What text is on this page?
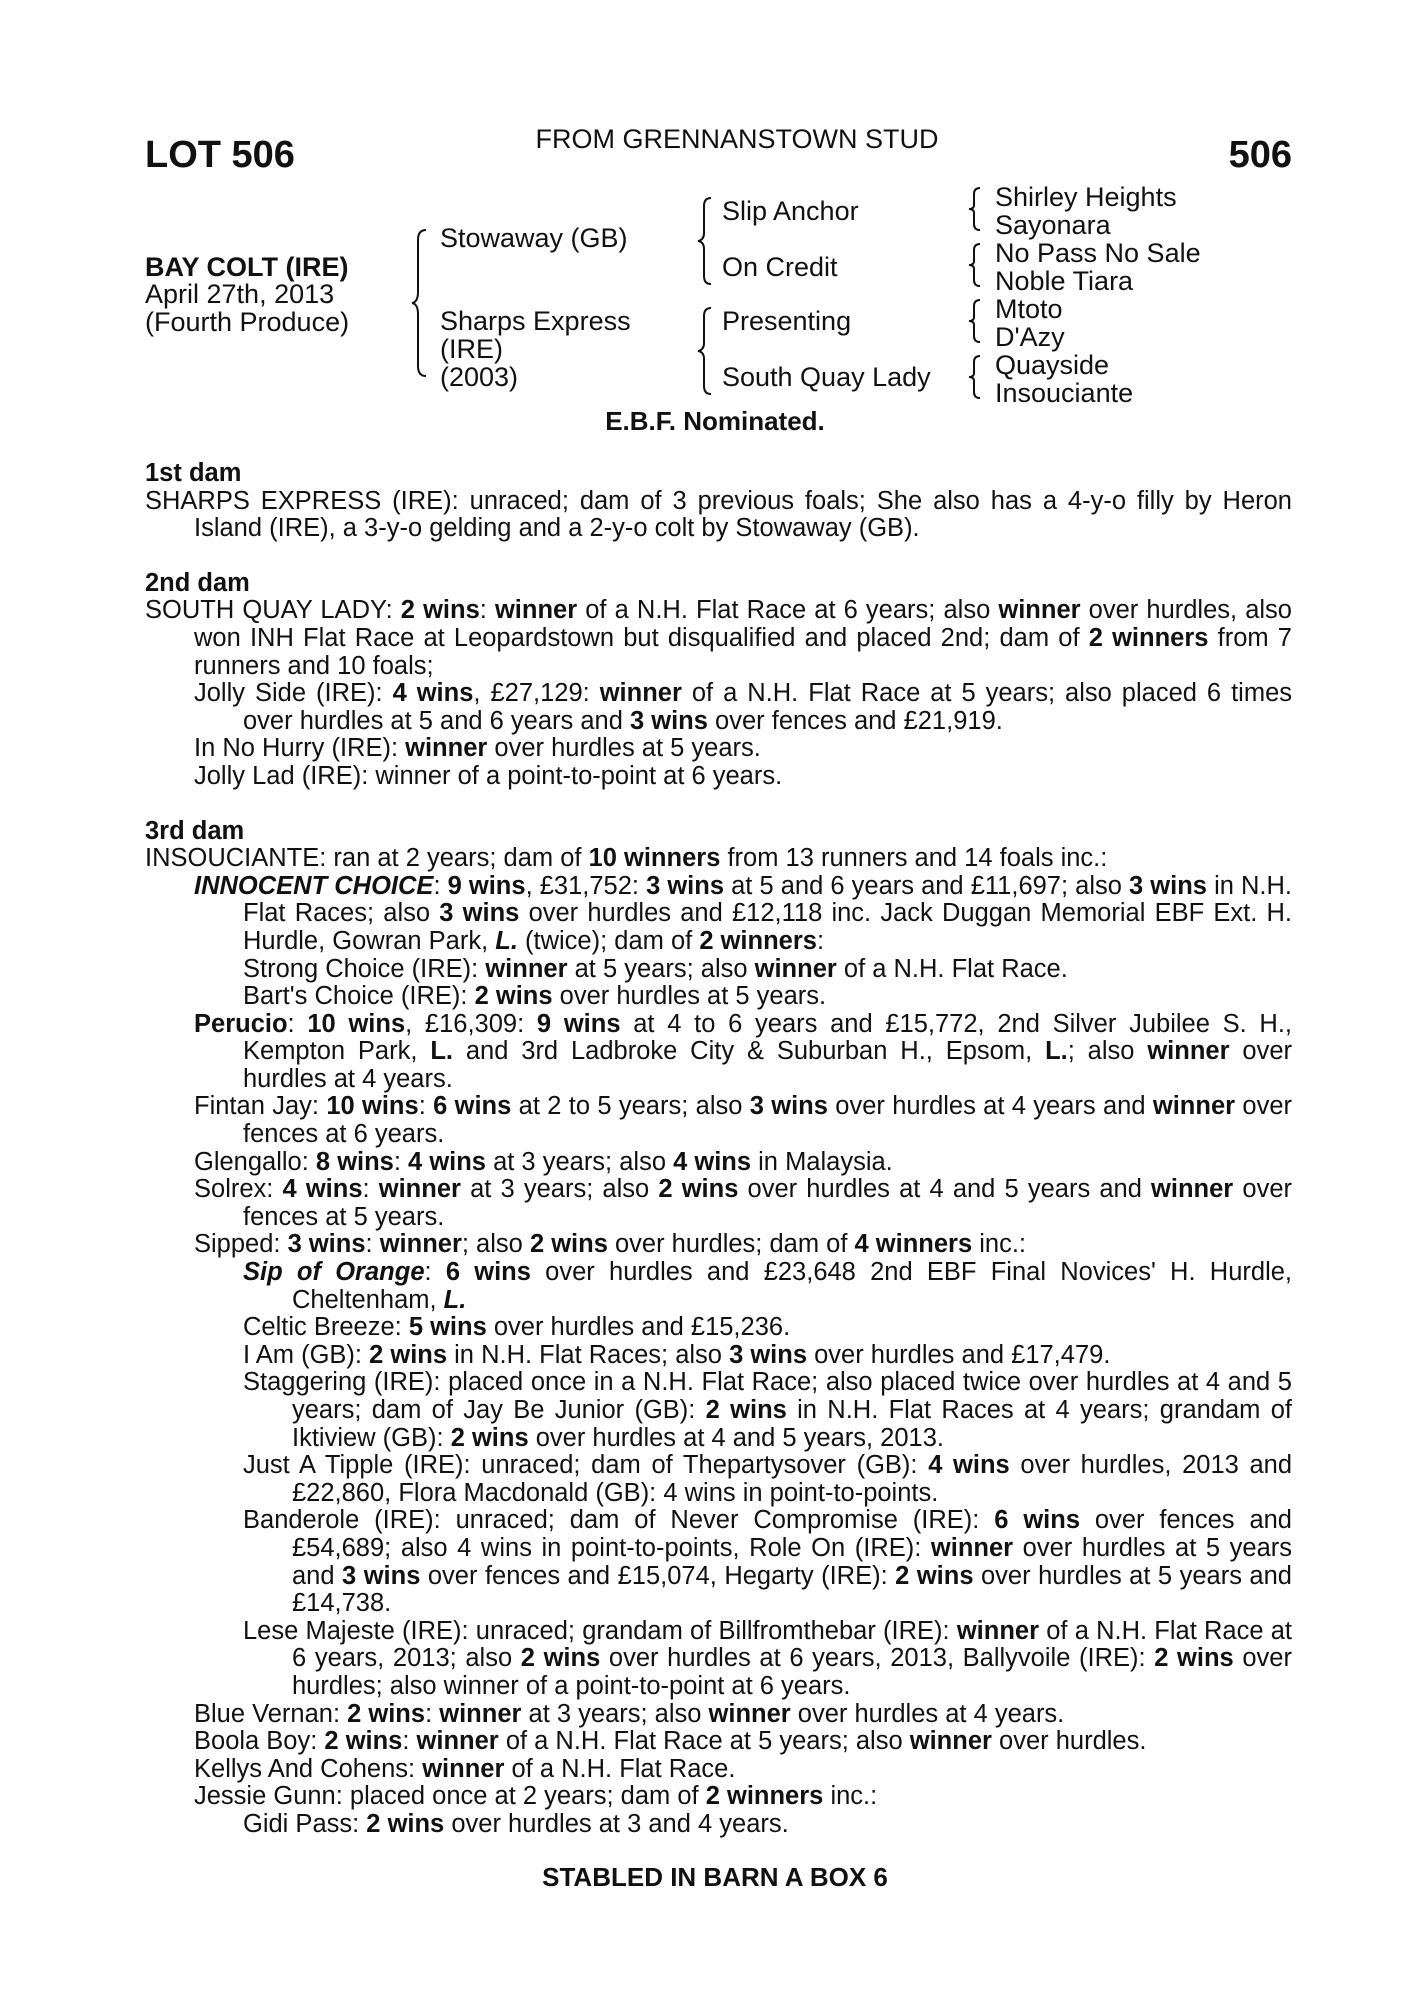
LOT 506	FROM GRENNANSTOWN STUD	506
BAY COLT (IRE)
April 27th, 2013
(Fourth Produce)
Stowaway (GB)
Sharps Express
(IRE)
(2003)
Slip Anchor
On Credit
Presenting
South Quay Lady
Shirley Heights
Sayonara
No Pass No Sale
Noble Tiara
Mtoto
D'Azy
Quayside
Insouciante
E.B.F. Nominated.
1st dam
SHARPS EXPRESS (IRE): unraced; dam of 3 previous foals; She also has a 4-y-o filly by Heron Island (IRE), a 3-y-o gelding and a 2-y-o colt by Stowaway (GB).
2nd dam
SOUTH QUAY LADY: 2 wins: winner of a N.H. Flat Race at 6 years; also winner over hurdles, also won INH Flat Race at Leopardstown but disqualified and placed 2nd; dam of 2 winners from 7 runners and 10 foals;
Jolly Side (IRE): 4 wins, £27,129: winner of a N.H. Flat Race at 5 years; also placed 6 times over hurdles at 5 and 6 years and 3 wins over fences and £21,919.
In No Hurry (IRE): winner over hurdles at 5 years.
Jolly Lad (IRE): winner of a point-to-point at 6 years.
3rd dam
INSOUCIANTE: ran at 2 years; dam of 10 winners from 13 runners and 14 foals inc.:
INNOCENT CHOICE: 9 wins, £31,752: 3 wins at 5 and 6 years and £11,697; also 3 wins in N.H. Flat Races; also 3 wins over hurdles and £12,118 inc. Jack Duggan Memorial EBF Ext. H. Hurdle, Gowran Park, L. (twice); dam of 2 winners:
Strong Choice (IRE): winner at 5 years; also winner of a N.H. Flat Race.
Bart's Choice (IRE): 2 wins over hurdles at 5 years.
Perucio: 10 wins, £16,309: 9 wins at 4 to 6 years and £15,772, 2nd Silver Jubilee S. H., Kempton Park, L. and 3rd Ladbroke City & Suburban H., Epsom, L.; also winner over hurdles at 4 years.
Fintan Jay: 10 wins: 6 wins at 2 to 5 years; also 3 wins over hurdles at 4 years and winner over fences at 6 years.
Glengallo: 8 wins: 4 wins at 3 years; also 4 wins in Malaysia.
Solrex: 4 wins: winner at 3 years; also 2 wins over hurdles at 4 and 5 years and winner over fences at 5 years.
Sipped: 3 wins: winner; also 2 wins over hurdles; dam of 4 winners inc.:
Sip of Orange: 6 wins over hurdles and £23,648 2nd EBF Final Novices' H. Hurdle, Cheltenham, L.
Celtic Breeze: 5 wins over hurdles and £15,236.
I Am (GB): 2 wins in N.H. Flat Races; also 3 wins over hurdles and £17,479.
Staggering (IRE): placed once in a N.H. Flat Race; also placed twice over hurdles at 4 and 5 years; dam of Jay Be Junior (GB): 2 wins in N.H. Flat Races at 4 years; grandam of Iktiview (GB): 2 wins over hurdles at 4 and 5 years, 2013.
Just A Tipple (IRE): unraced; dam of Thepartysover (GB): 4 wins over hurdles, 2013 and £22,860, Flora Macdonald (GB): 4 wins in point-to-points.
Banderole (IRE): unraced; dam of Never Compromise (IRE): 6 wins over fences and £54,689; also 4 wins in point-to-points, Role On (IRE): winner over hurdles at 5 years and 3 wins over fences and £15,074, Hegarty (IRE): 2 wins over hurdles at 5 years and £14,738.
Lese Majeste (IRE): unraced; grandam of Billfromthebar (IRE): winner of a N.H. Flat Race at 6 years, 2013; also 2 wins over hurdles at 6 years, 2013, Ballyvoile (IRE): 2 wins over hurdles; also winner of a point-to-point at 6 years.
Blue Vernan: 2 wins: winner at 3 years; also winner over hurdles at 4 years.
Boola Boy: 2 wins: winner of a N.H. Flat Race at 5 years; also winner over hurdles.
Kellys And Cohens: winner of a N.H. Flat Race.
Jessie Gunn: placed once at 2 years; dam of 2 winners inc.:
Gidi Pass: 2 wins over hurdles at 3 and 4 years.
STABLED IN BARN A BOX 6
